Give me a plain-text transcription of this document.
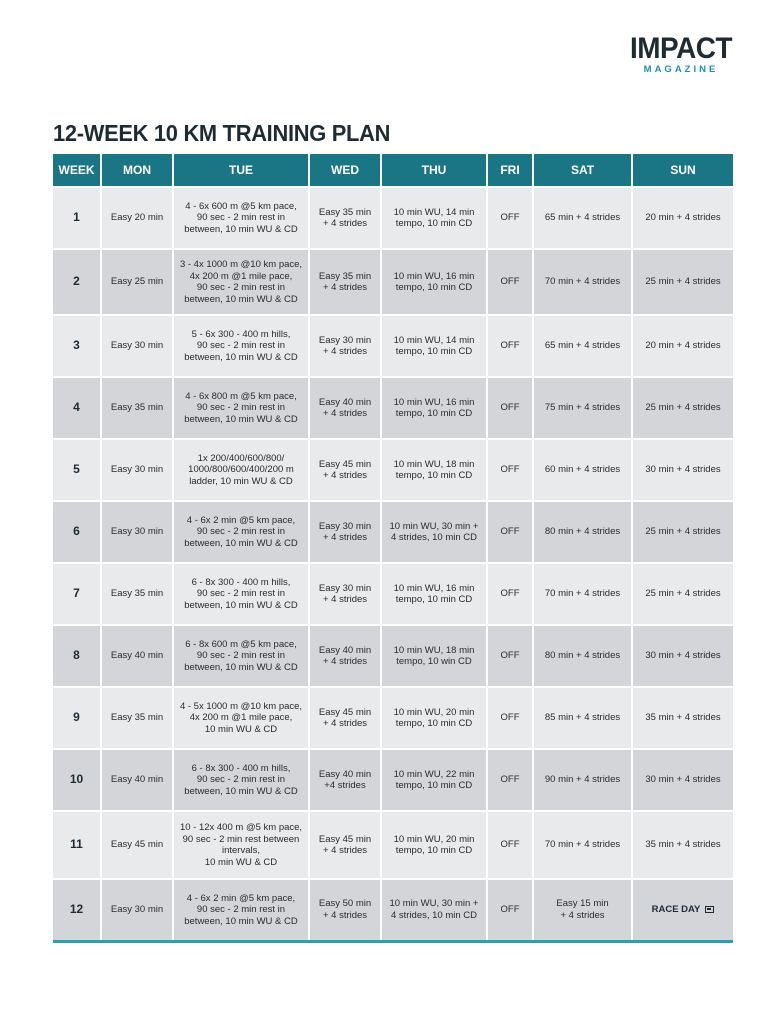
IMPACT
MAGAZINE
12-WEEK 10 KM TRAINING PLAN
WEEK	MON	TUE	WED	THU	FRI	SAT	SUN
1	Easy 20 min	4 - 6x 600 m @5 km pace,
90 sec - 2 min rest in
between, 10 min WU & CD	Easy 35 min
+ 4 strides	10 min WU, 14 min
tempo, 10 min CD	OFF	65 min + 4 strides	20 min + 4 strides
2	Easy 25 min	3 - 4x 1000 m @10 km pace,
4x 200 m @1 mile pace,
90 sec - 2 min rest in
between, 10 min WU & CD	Easy 35 min
+ 4 strides	10 min WU, 16 min
tempo, 10 min CD	OFF	70 min + 4 strides	25 min + 4 strides
3	Easy 30 min	5 - 6x 300 - 400 m hills,
90 sec - 2 min rest in
between, 10 min WU & CD	Easy 30 min
+ 4 strides	10 min WU, 14 min
tempo, 10 min CD	OFF	65 min + 4 strides	20 min + 4 strides
4	Easy 35 min	4 - 6x 800 m @5 km pace,
90 sec - 2 min rest in
between, 10 min WU & CD	Easy 40 min
+ 4 strides	10 min WU, 16 min
tempo, 10 min CD	OFF	75 min + 4 strides	25 min + 4 strides
5	Easy 30 min	1x 200/400/600/800/
1000/800/600/400/200 m
ladder, 10 min WU & CD	Easy 45 min
+ 4 strides	10 min WU, 18 min
tempo, 10 min CD	OFF	60 min + 4 strides	30 min + 4 strides
6	Easy 30 min	4 - 6x 2 min @5 km pace,
90 sec - 2 min rest in
between, 10 min WU & CD	Easy 30 min
+ 4 strides	10 min WU, 30 min +
4 strides, 10 min CD	OFF	80 min + 4 strides	25 min + 4 strides
7	Easy 35 min	6 - 8x 300 - 400 m hills,
90 sec - 2 min rest in
between, 10 min WU & CD	Easy 30 min
+ 4 strides	10 min WU, 16 min
tempo, 10 min CD	OFF	70 min + 4 strides	25 min + 4 strides
8	Easy 40 min	6 - 8x 600 m @5 km pace,
90 sec - 2 min rest in
between, 10 min WU & CD	Easy 40 min
+ 4 strides	10 min WU, 18 min
tempo, 10 win CD	OFF	80 min + 4 strides	30 min + 4 strides
9	Easy 35 min	4 - 5x 1000 m @10 km pace,
4x 200 m @1 mile pace,
10 min WU & CD	Easy 45 min
+ 4 strides	10 min WU, 20 min
tempo, 10 min CD	OFF	85 min + 4 strides	35 min + 4 strides
10	Easy 40 min	6 - 8x 300 - 400 m hills,
90 sec - 2 min rest in
between, 10 min WU & CD	Easy 40 min
+4 strides	10 min WU, 22 min
tempo, 10 min CD	OFF	90 min + 4 strides	30 min + 4 strides
11	Easy 45 min	10 - 12x 400 m @5 km pace,
90 sec - 2 min rest between
intervals,
10 min WU & CD	Easy 45 min
+ 4 strides	10 min WU, 20 min
tempo, 10 min CD	OFF	70 min + 4 strides	35 min + 4 strides
12	Easy 30 min	4 - 6x 2 min @5 km pace,
90 sec - 2 min rest in
between, 10 min WU & CD	Easy 50 min
+ 4 strides	10 min WU, 30 min +
4 strides, 10 min CD	OFF	Easy 15 min
+ 4 strides	RACE DAY
